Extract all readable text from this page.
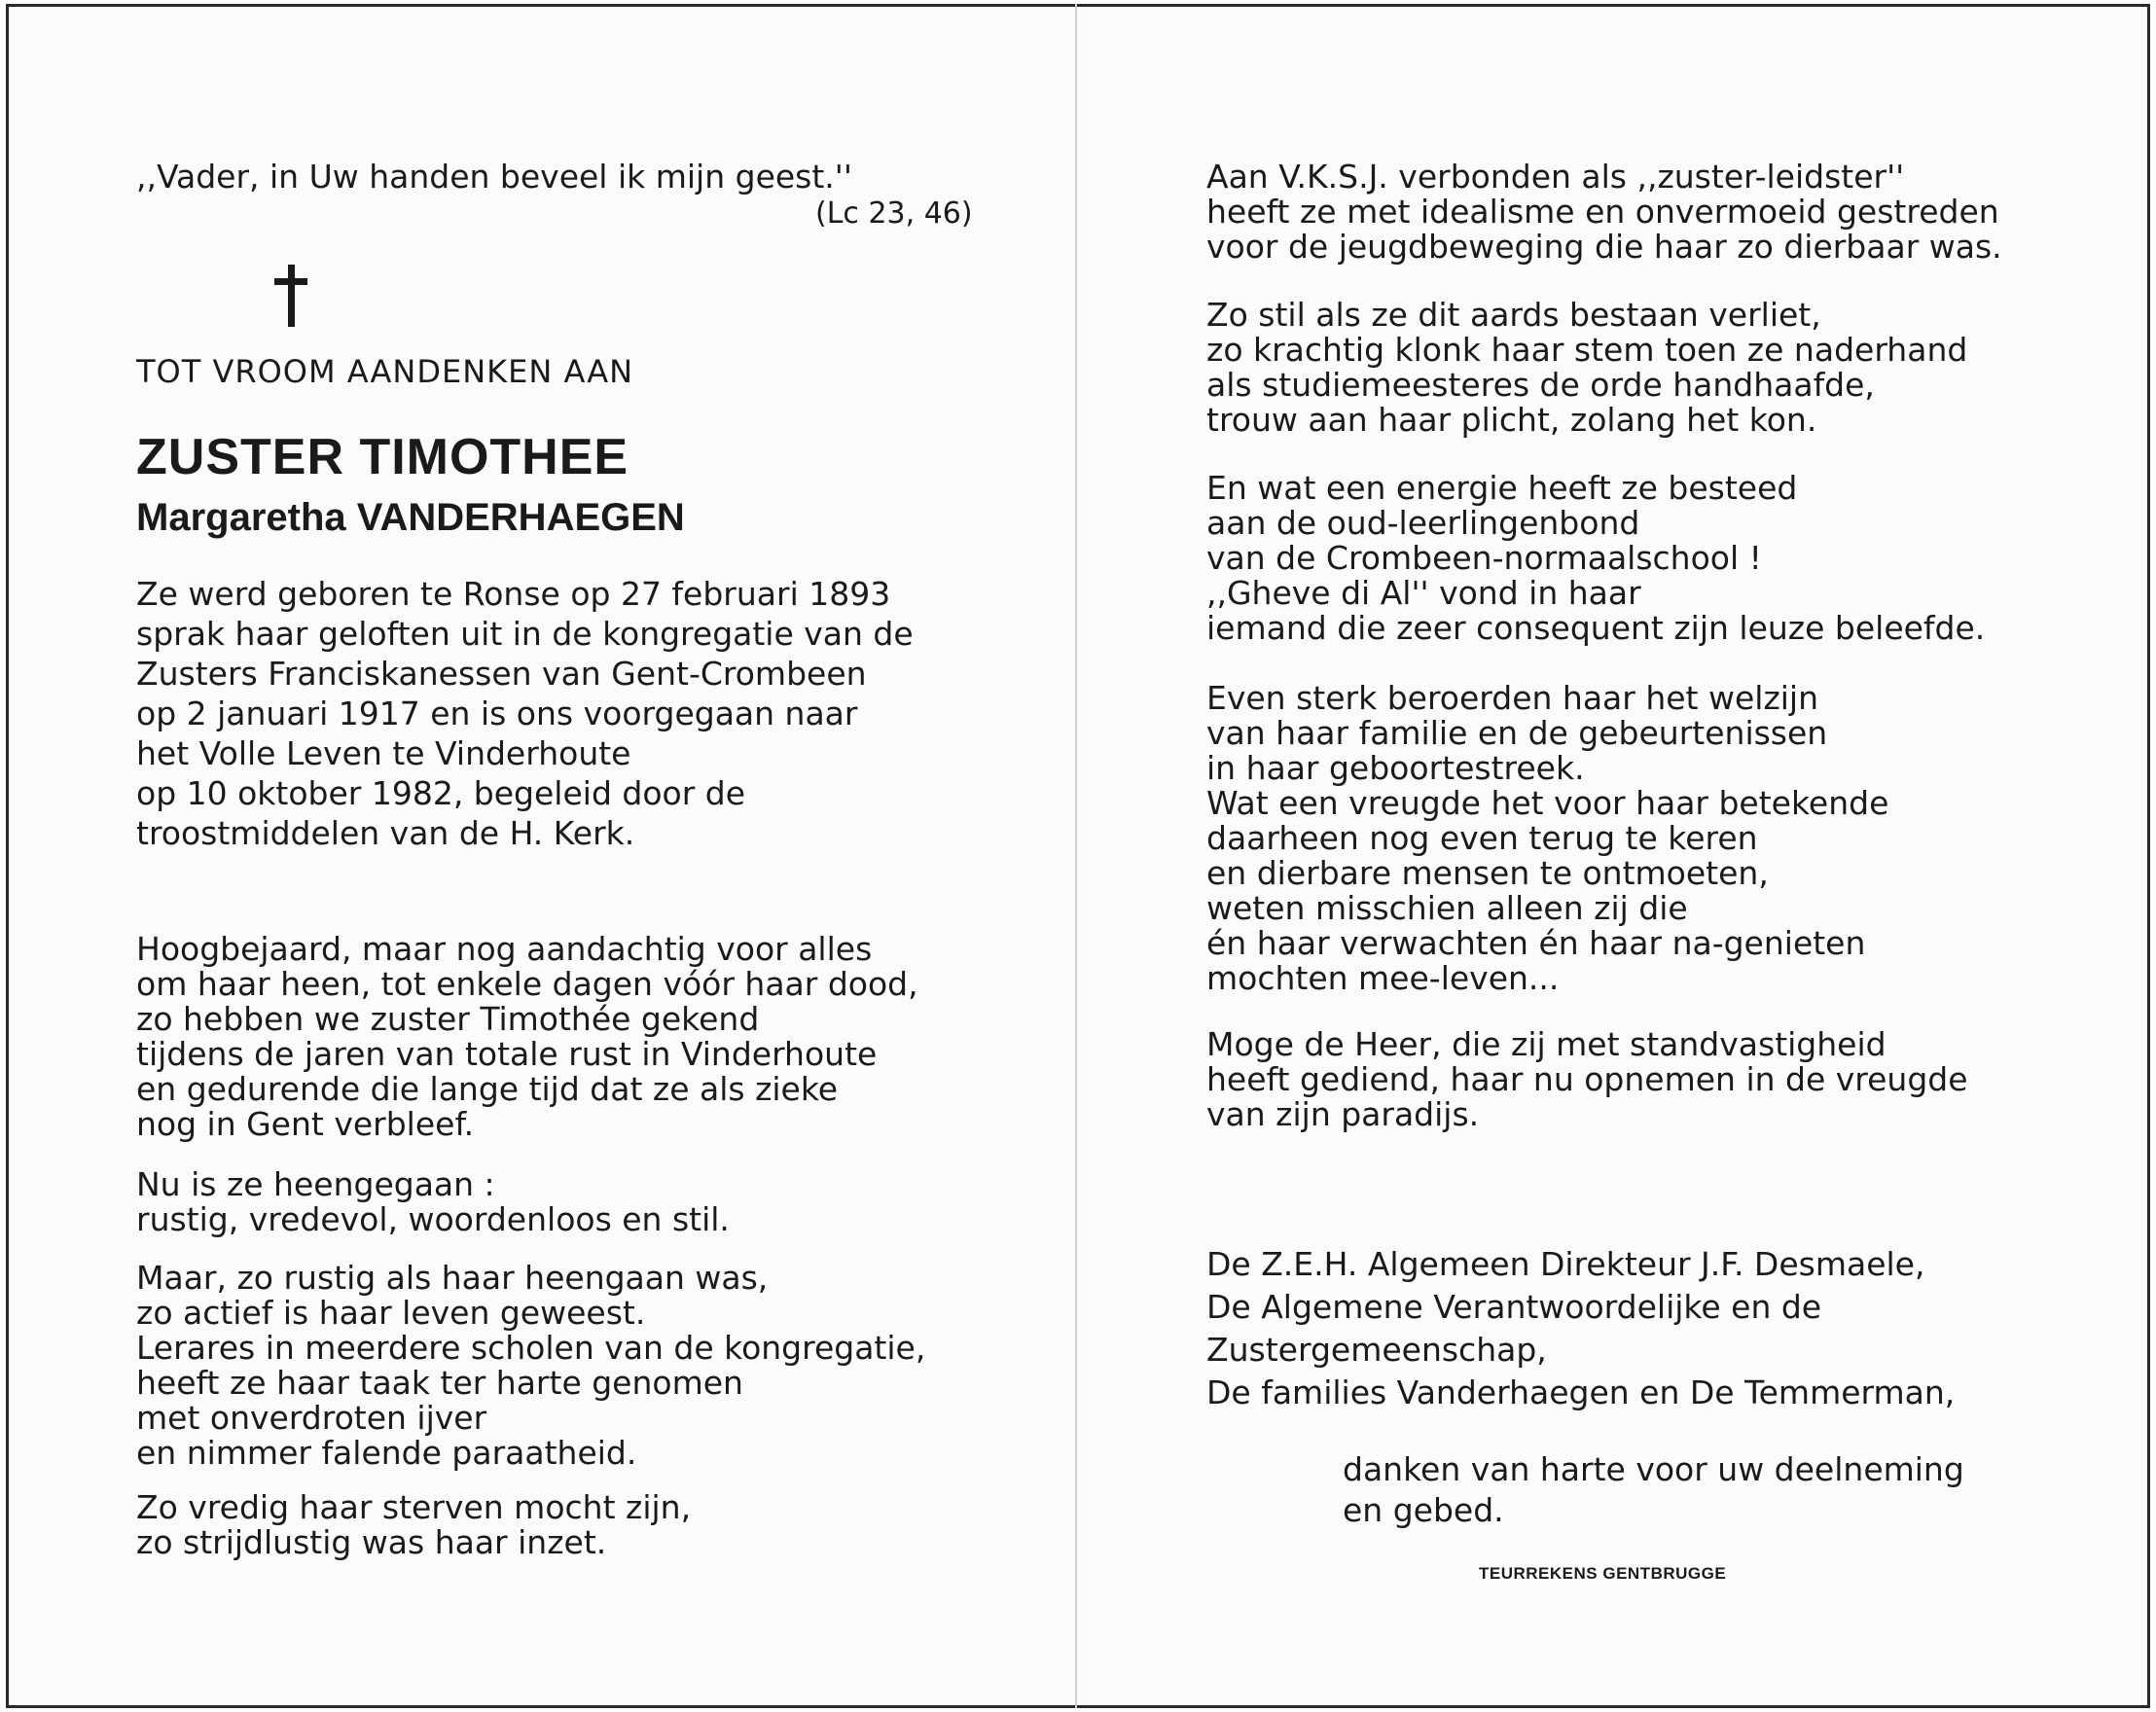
,,Vader, in Uw handen beveel ik mijn geest.''
(Lc 23, 46)
TOT VROOM AANDENKEN AAN
ZUSTER TIMOTHEE
Margaretha VANDERHAEGEN
Ze werd geboren te Ronse op 27 februari 1893
sprak haar geloften uit in de kongregatie van de
Zusters Franciskanessen van Gent-Crombeen
op 2 januari 1917 en is ons voorgegaan naar
het Volle Leven te Vinderhoute
op 10 oktober 1982, begeleid door de
troostmiddelen van de H. Kerk.
Hoogbejaard, maar nog aandachtig voor alles
om haar heen, tot enkele dagen vóór haar dood,
zo hebben we zuster Timothée gekend
tijdens de jaren van totale rust in Vinderhoute
en gedurende die lange tijd dat ze als zieke
nog in Gent verbleef.
Nu is ze heengegaan :
rustig, vredevol, woordenloos en stil.
Maar, zo rustig als haar heengaan was,
zo actief is haar leven geweest.
Lerares in meerdere scholen van de kongregatie,
heeft ze haar taak ter harte genomen
met onverdroten ijver
en nimmer falende paraatheid.
Zo vredig haar sterven mocht zijn,
zo strijdlustig was haar inzet.
Aan V.K.S.J. verbonden als ,,zuster-leidster''
heeft ze met idealisme en onvermoeid gestreden
voor de jeugdbeweging die haar zo dierbaar was.
Zo stil als ze dit aards bestaan verliet,
zo krachtig klonk haar stem toen ze naderhand
als studiemeesteres de orde handhaafde,
trouw aan haar plicht, zolang het kon.
En wat een energie heeft ze besteed
aan de oud-leerlingenbond
van de Crombeen-normaalschool !
,,Gheve di Al'' vond in haar
iemand die zeer consequent zijn leuze beleefde.
Even sterk beroerden haar het welzijn
van haar familie en de gebeurtenissen
in haar geboortestreek.
Wat een vreugde het voor haar betekende
daarheen nog even terug te keren
en dierbare mensen te ontmoeten,
weten misschien alleen zij die
én haar verwachten én haar na-genieten
mochten mee-leven...
Moge de Heer, die zij met standvastigheid
heeft gediend, haar nu opnemen in de vreugde
van zijn paradijs.
De Z.E.H. Algemeen Direkteur J.F. Desmaele,
De Algemene Verantwoordelijke en de
Zustergemeenschap,
De families Vanderhaegen en De Temmerman,
danken van harte voor uw deelneming
en gebed.
TEURREKENS GENTBRUGGE
